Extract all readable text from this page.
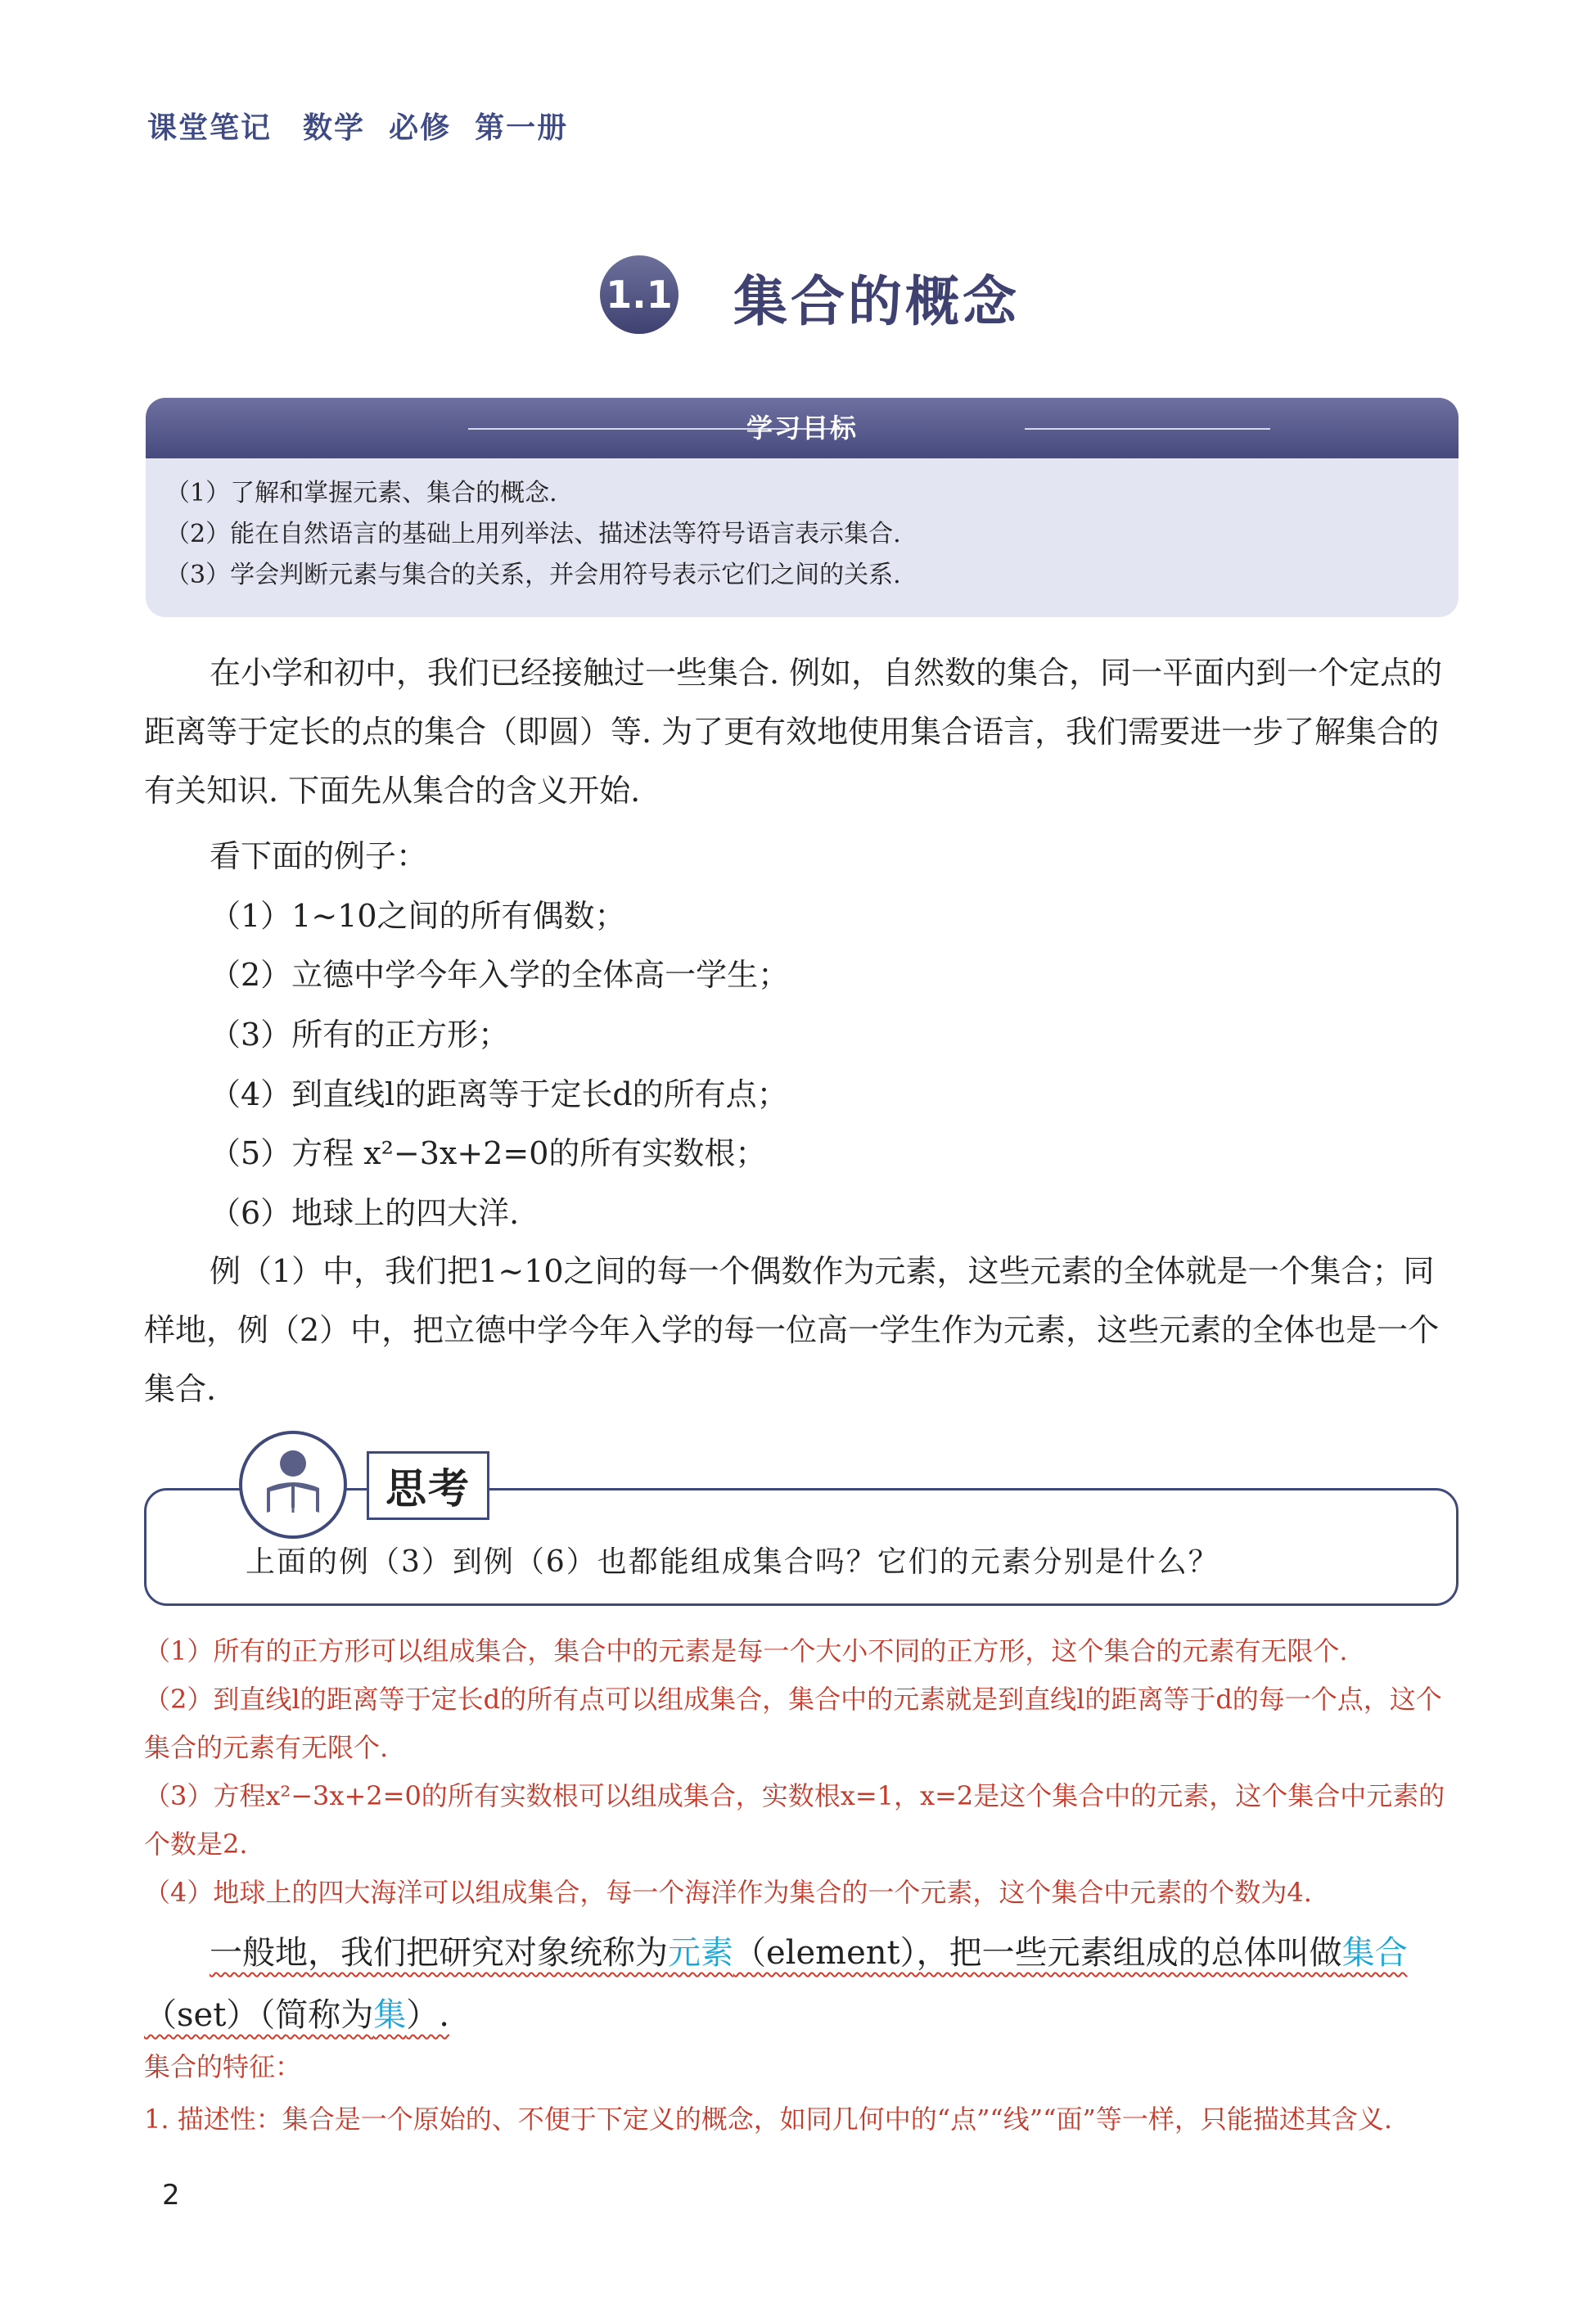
课堂笔记　数学  必修  第一册
1.1 集合的概念
学习目标
（1）了解和掌握元素、集合的概念.
（2）能在自然语言的基础上用列举法、描述法等符号语言表示集合.
（3）学会判断元素与集合的关系，并会用符号表示它们之间的关系.
在小学和初中，我们已经接触过一些集合. 例如，自然数的集合，同一平面内到一个定点的距离等于定长的点的集合（即圆）等. 为了更有效地使用集合语言，我们需要进一步了解集合的有关知识. 下面先从集合的含义开始.
看下面的例子：
（1）1~10之间的所有偶数；
（2）立德中学今年入学的全体高一学生；
（3）所有的正方形；
（4）到直线l的距离等于定长d的所有点；
（5）方程 x²−3x+2=0的所有实数根；
（6）地球上的四大洋.
例（1）中，我们把1~10之间的每一个偶数作为元素，这些元素的全体就是一个集合；同样地，例（2）中，把立德中学今年入学的每一位高一学生作为元素，这些元素的全体也是一个集合.
思考
上面的例（3）到例（6）也都能组成集合吗？它们的元素分别是什么？
（1）所有的正方形可以组成集合，集合中的元素是每一个大小不同的正方形，这个集合的元素有无限个.
（2）到直线l的距离等于定长d的所有点可以组成集合，集合中的元素就是到直线l的距离等于d的每一个点，这个集合的元素有无限个.
（3）方程x²−3x+2=0的所有实数根可以组成集合，实数根x=1，x=2是这个集合中的元素，这个集合中元素的个数是2.
（4）地球上的四大海洋可以组成集合，每一个海洋作为集合的一个元素，这个集合中元素的个数为4.
一般地，我们把研究对象统称为元素（element），把一些元素组成的总体叫做集合（set）（简称为集）.
集合的特征：
1. 描述性：集合是一个原始的、不便于下定义的概念，如同几何中的“点”“线”“面”等一样，只能描述其含义.
2
